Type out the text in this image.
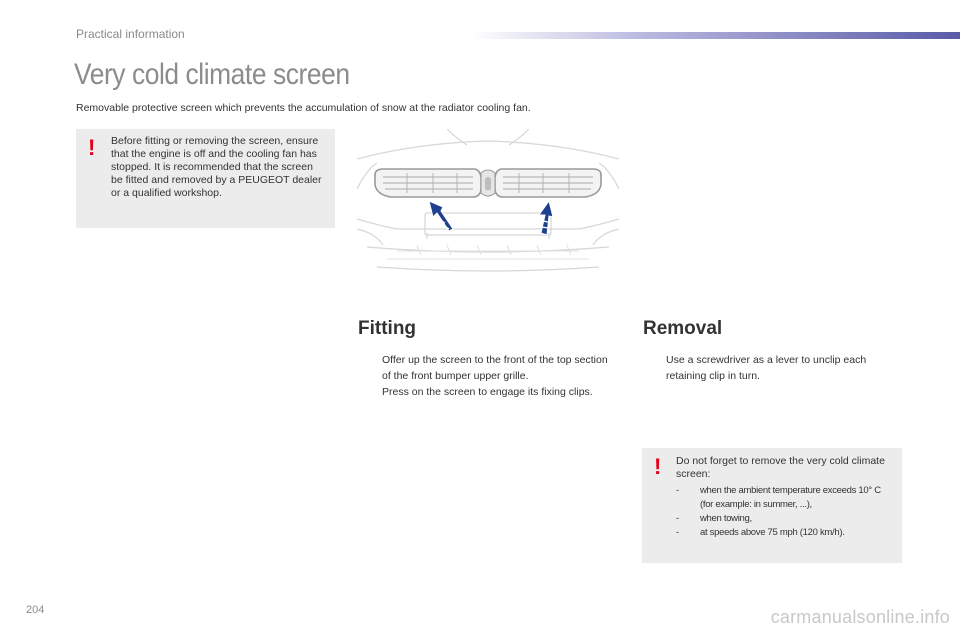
Practical information
Very cold climate screen
Removable protective screen which prevents the accumulation of snow at the radiator cooling fan.
! Before fitting or removing the screen, ensure that the engine is off and the cooling fan has stopped. It is recommended that the screen be fitted and removed by a PEUGEOT dealer or a qualified workshop.

Fitting
Offer up the screen to the front of the top section of the front bumper upper grille.
Press on the screen to engage its fixing clips.
Removal
Use a screwdriver as a lever to unclip each retaining clip in turn.
! Do not forget to remove the very cold climate screen:

- when the ambient temperature exceeds 10° C (for example: in summer, ...),
- when towing,
- at speeds above 75 mph (120 km/h).
204	carmanualsonline.info
